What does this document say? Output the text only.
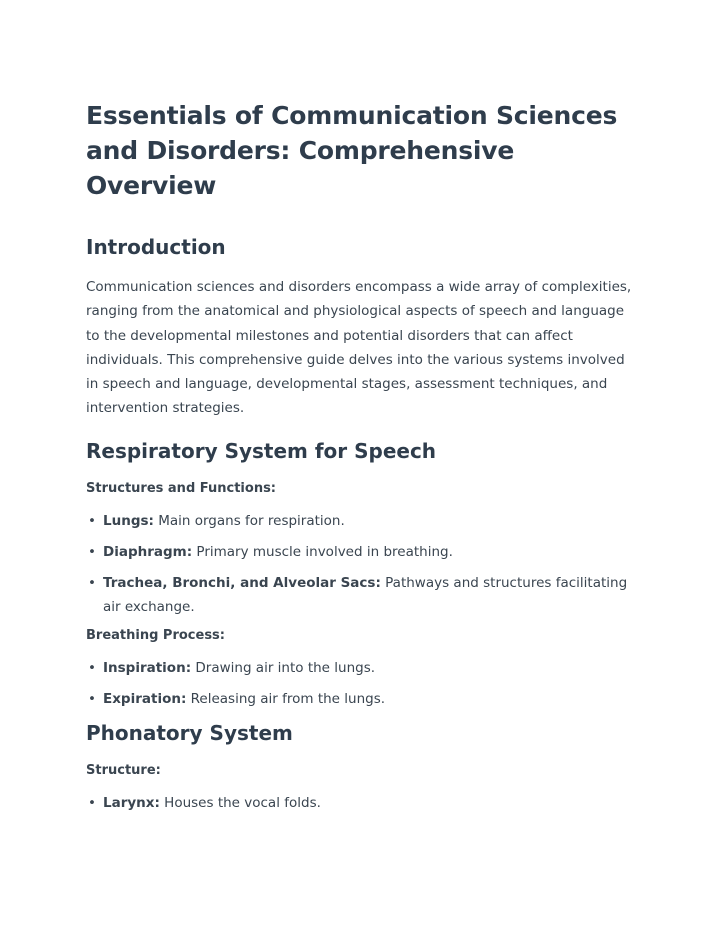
Essentials of Communication Sciences and Disorders: Comprehensive Overview
Introduction

Communication sciences and disorders encompass a wide array of complexities, ranging from the anatomical and physiological aspects of speech and language to the developmental milestones and potential disorders that can affect individuals. This comprehensive guide delves into the various systems involved in speech and language, developmental stages, assessment techniques, and intervention strategies.

Respiratory System for Speech
Structures and Functions:
• Lungs: Main organs for respiration.
• Diaphragm: Primary muscle involved in breathing.
• Trachea, Bronchi, and Alveolar Sacs: Pathways and structures facilitating air exchange.
Breathing Process:
• Inspiration: Drawing air into the lungs.
• Expiration: Releasing air from the lungs.
Phonatory System
Structure:
• Larynx: Houses the vocal folds.
